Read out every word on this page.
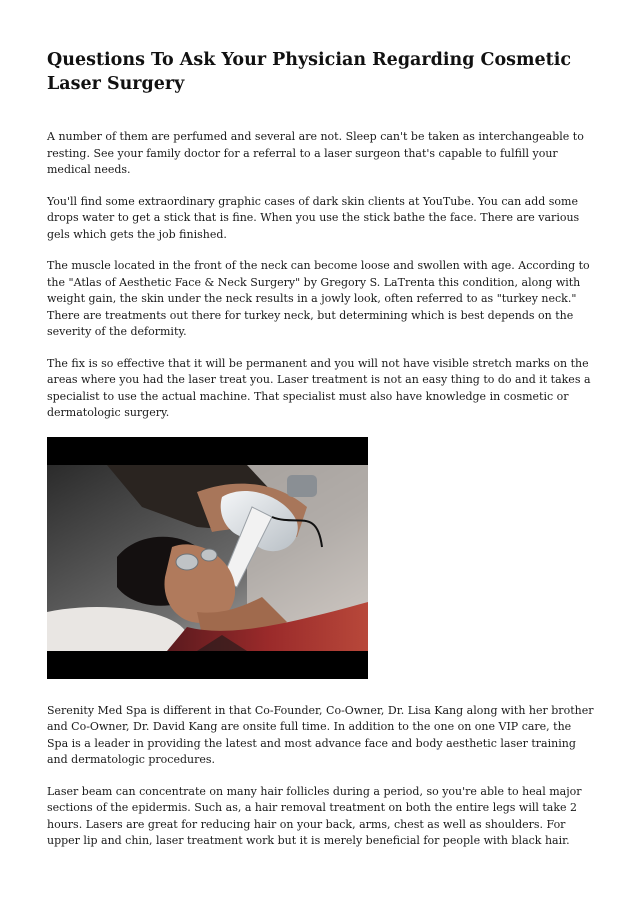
Questions To Ask Your Physician Regarding Cosmetic Laser Surgery

A number of them are perfumed and several are not. Sleep can't be taken as interchangeable to resting. See your family doctor for a referral to a laser surgeon that's capable to fulfill your medical needs.

You'll find some extraordinary graphic cases of dark skin clients at YouTube. You can add some drops water to get a stick that is fine. When you use the stick bathe the face. There are various gels which gets the job finished.

The muscle located in the front of the neck can become loose and swollen with age. According to the "Atlas of Aesthetic Face & Neck Surgery" by Gregory S. LaTrenta this condition, along with weight gain, the skin under the neck results in a jowly look, often referred to as "turkey neck." There are treatments out there for turkey neck, but determining which is best depends on the severity of the deformity.

The fix is so effective that it will be permanent and you will not have visible stretch marks on the areas where you had the laser treat you. Laser treatment is not an easy thing to do and it takes a specialist to use the actual machine. That specialist must also have knowledge in cosmetic or dermatologic surgery.

Serenity Med Spa is different in that Co-Founder, Co-Owner, Dr. Lisa Kang along with her brother and Co-Owner, Dr. David Kang are onsite full time. In addition to the one on one VIP care, the Spa is a leader in providing the latest and most advance face and body aesthetic laser training and dermatologic procedures.

Laser beam can concentrate on many hair follicles during a period, so you're able to heal major sections of the epidermis. Such as, a hair removal treatment on both the entire legs will take 2 hours. Lasers are great for reducing hair on your back, arms, chest as well as shoulders. For upper lip and chin, laser treatment work but it is merely beneficial for people with black hair.
